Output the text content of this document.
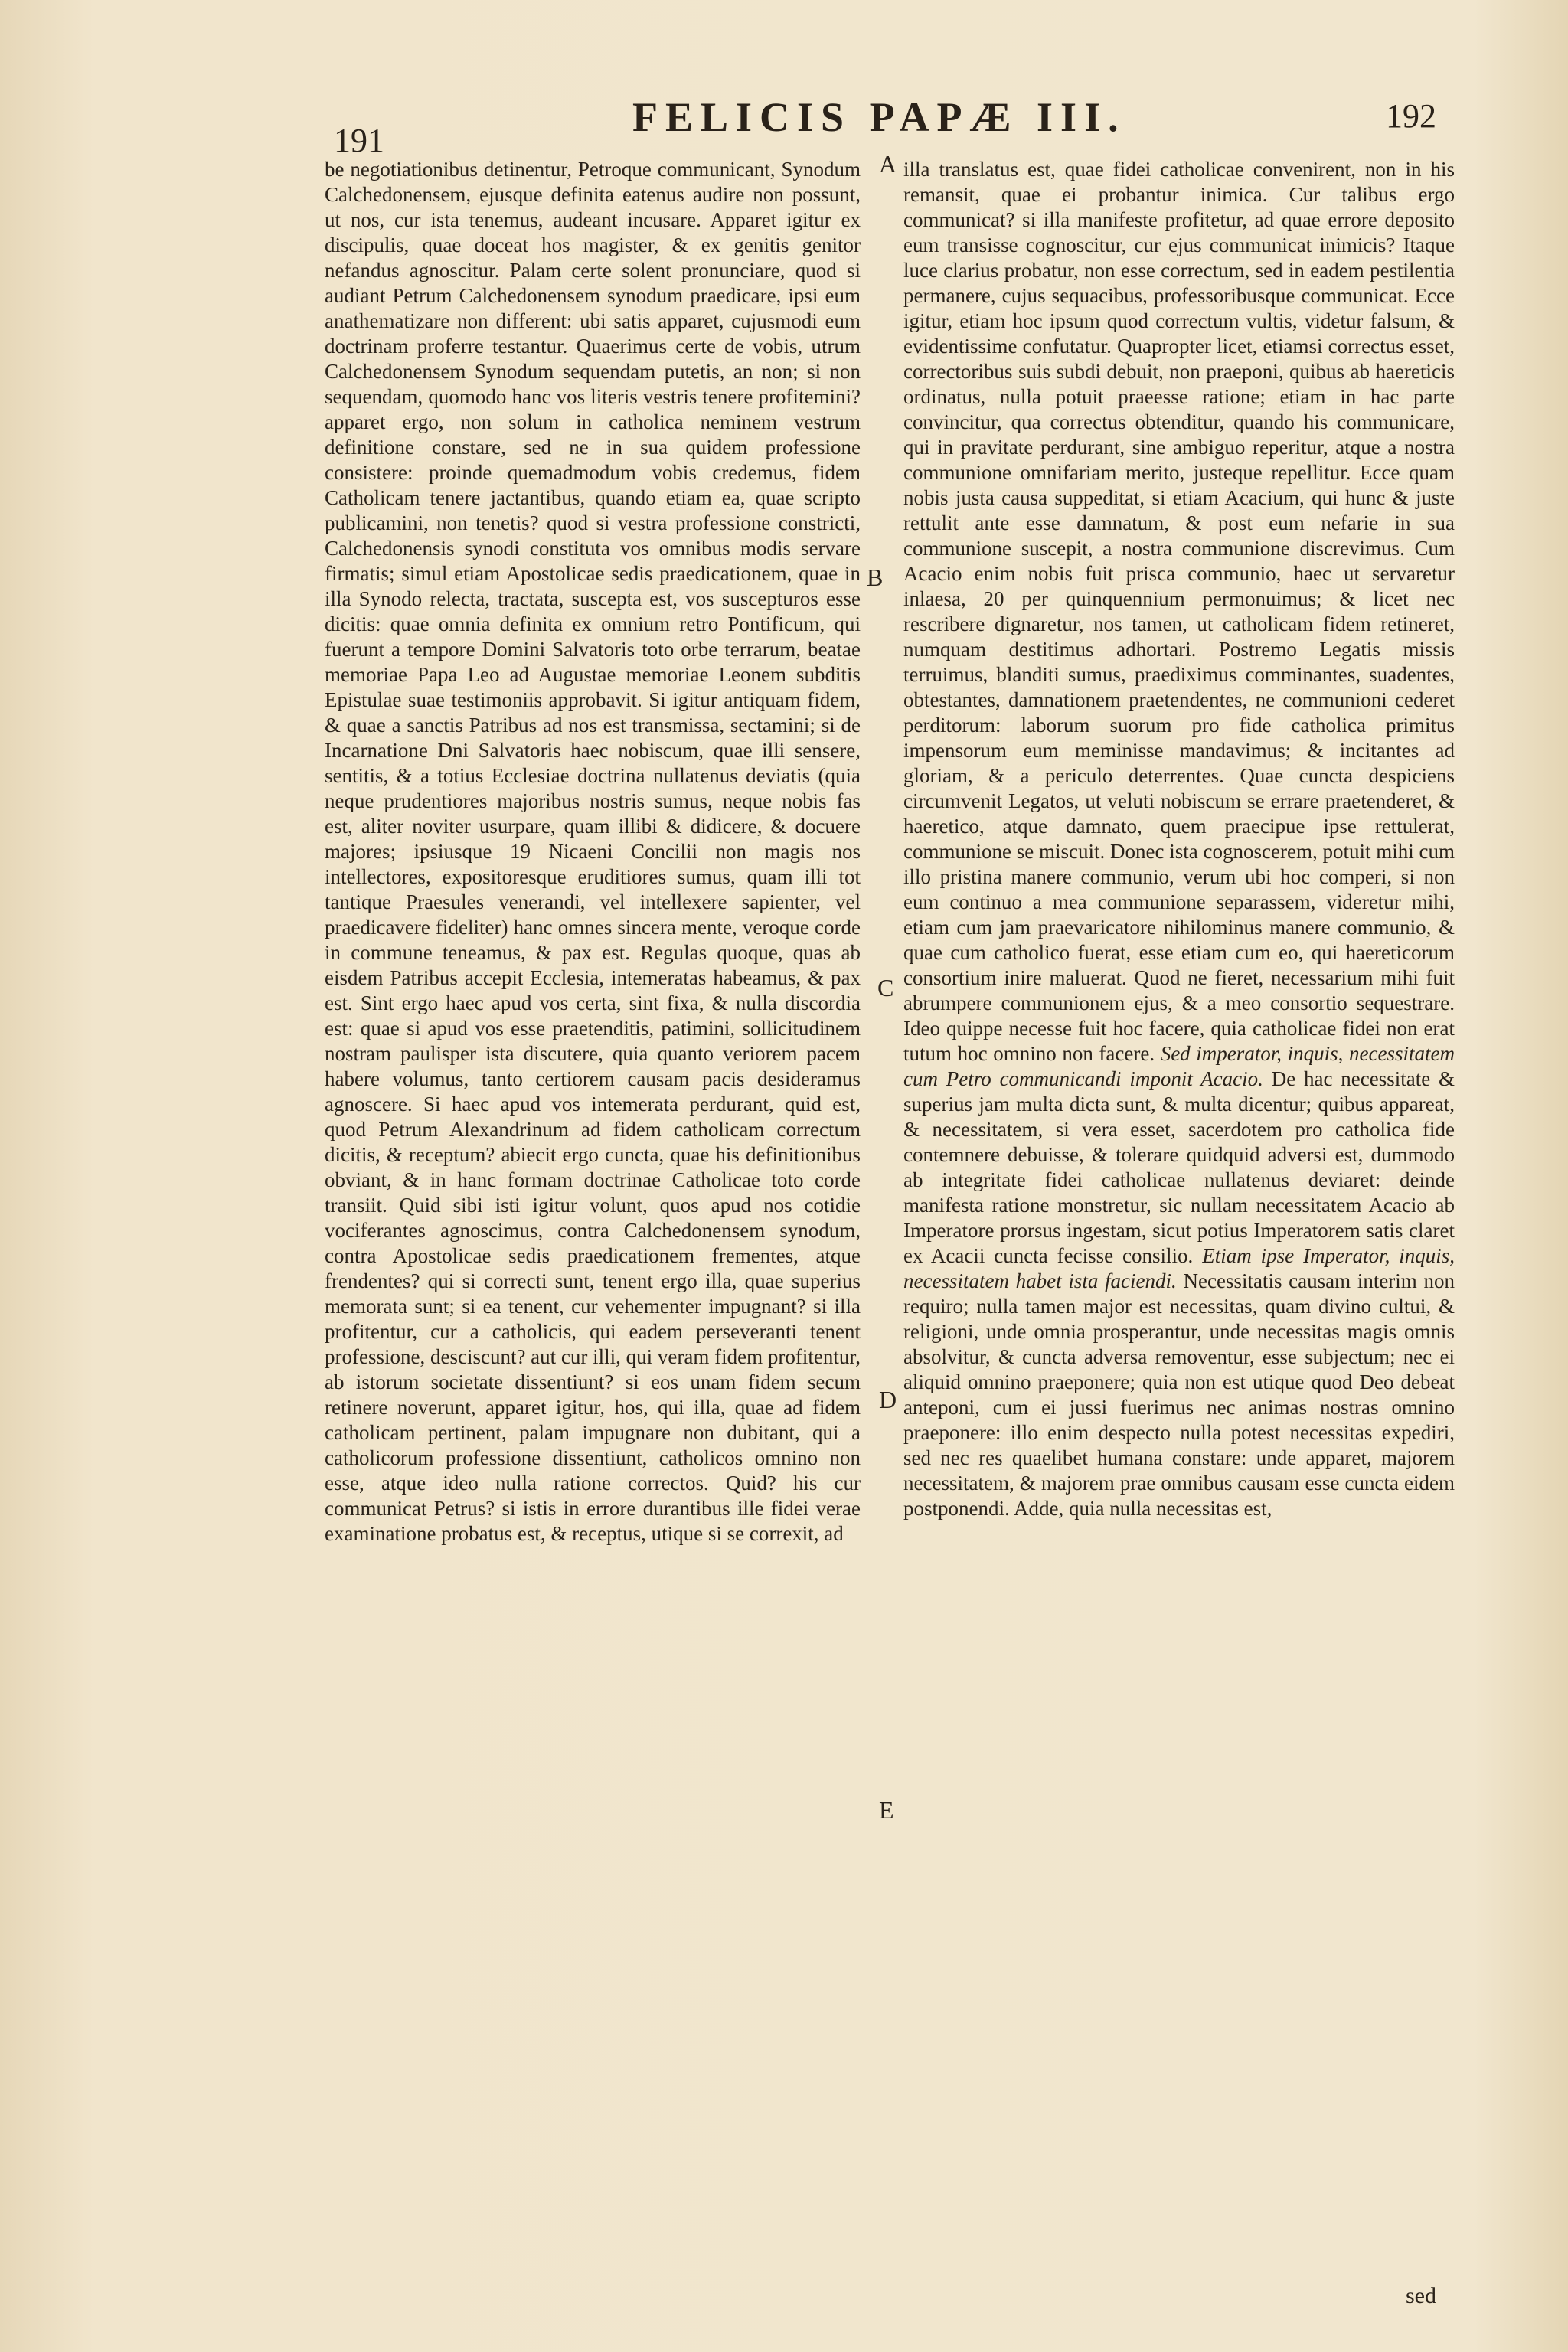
191
FELICIS PAPÆ III.	192

be negotiationibus detinentur, Petroque communicant, Synodum Calchedonensem, ejusque definita eatenus audire non possunt, ut nos, cur ista tenemus, audeant incusare. Apparet igitur ex discipulis, quae doceat hos magister, & ex genitis genitor nefandus agnoscitur. Palam certe solent pronunciare, quod si audiant Petrum Calchedonensem synodum praedicare, ipsi eum anathematizare non different: ubi satis apparet, cujusmodi eum doctrinam proferre testantur. Quaerimus certe de vobis, utrum Calchedonensem Synodum sequendam putetis, an non; si non sequendam, quomodo hanc vos literis vestris tenere profitemini? apparet ergo, non solum in catholica neminem vestrum definitione constare, sed ne in sua quidem professione consistere: proinde quemadmodum vobis credemus, fidem Catholicam tenere jactantibus, quando etiam ea, quae scripto publicamini, non tenetis? quod si vestra professione constricti, Calchedonensis synodi constituta vos omnibus modis servare firmatis; simul etiam Apostolicae sedis praedicationem, quae in illa Synodo relecta, tractata, suscepta est, vos suscepturos esse dicitis: quae omnia definita ex omnium retro Pontificum, qui fuerunt a tempore Domini Salvatoris toto orbe terrarum, beatae memoriae Papa Leo ad Augustae memoriae Leonem subditis Epistulae suae testimoniis approbavit. Si igitur antiquam fidem, & quae a sanctis Patribus ad nos est transmissa, sectamini; si de Incarnatione Dni Salvatoris haec nobiscum, quae illi sensere, sentitis, & a totius Ecclesiae doctrina nullatenus deviatis (quia neque prudentiores majoribus nostris sumus, neque nobis fas est, aliter noviter usurpare, quam illibi & didicere, & docuere majores; ipsiusque 19 Nicaeni Concilii non magis nos intellectores, expositoresque eruditiores sumus, quam illi tot tantique Praesules venerandi, vel intellexere sapienter, vel praedicavere fideliter) hanc omnes sincera mente, veroque corde in commune teneamus, & pax est. Regulas quoque, quas ab eisdem Patribus accepit Ecclesia, intemeratas habeamus, & pax est. Sint ergo haec apud vos certa, sint fixa, & nulla discordia est: quae si apud vos esse praetenditis, patimini, sollicitudinem nostram paulisper ista discutere, quia quanto veriorem pacem habere volumus, tanto certiorem causam pacis desideramus agnoscere. Si haec apud vos intemerata perdurant, quid est, quod Petrum Alexandrinum ad fidem catholicam correctum dicitis, & receptum? abiecit ergo cuncta, quae his definitionibus obviant, & in hanc formam doctrinae Catholicae toto corde transiit. Quid sibi isti igitur volunt, quos apud nos cotidie vociferantes agnoscimus, contra Calchedonensem synodum, contra Apostolicae sedis praedicationem frementes, atque frendentes? qui si correcti sunt, tenent ergo illa, quae superius memorata sunt; si ea tenent, cur vehementer impugnant? si illa profitentur, cur a catholicis, qui eadem perseveranti tenent professione, desciscunt? aut cur illi, qui veram fidem profitentur, ab istorum societate dissentiunt? si eos unam fidem secum retinere noverunt, apparet igitur, hos, qui illa, quae ad fidem catholicam pertinent, palam impugnare non dubitant, qui a catholicorum professione dissentiunt, catholicos omnino non esse, atque ideo nulla ratione correctos. Quid? his cur communicat Petrus? si istis in errore durantibus ille fidei verae examinatione probatus est, & receptus, utique si se correxit, ad

A
B
C
D
E

illa translatus est, quae fidei catholicae convenirent, non in his remansit, quae ei probantur inimica. Cur talibus ergo communicat? si illa manifeste profitetur, ad quae errore deposito eum transisse cognoscitur, cur ejus communicat inimicis? Itaque luce clarius probatur, non esse correctum, sed in eadem pestilentia permanere, cujus sequacibus, professoribusque communicat. Ecce igitur, etiam hoc ipsum quod correctum vultis, videtur falsum, & evidentissime confutatur. Quapropter licet, etiamsi correctus esset, correctoribus suis subdi debuit, non praeponi, quibus ab haereticis ordinatus, nulla potuit praeesse ratione; etiam in hac parte convincitur, qua correctus obtenditur, quando his communicare, qui in pravitate perdurant, sine ambiguo reperitur, atque a nostra communione omnifariam merito, justeque repellitur. Ecce quam nobis justa causa suppeditat, si etiam Acacium, qui hunc & juste rettulit ante esse damnatum, & post eum nefarie in sua communione suscepit, a nostra communione discrevimus. Cum Acacio enim nobis fuit prisca communio, haec ut servaretur inlaesa, 20 per quinquennium permonuimus; & licet nec rescribere dignaretur, nos tamen, ut catholicam fidem retineret, numquam destitimus adhortari. Postremo Legatis missis terruimus, blanditi sumus, praediximus comminantes, suadentes, obtestantes, damnationem praetendentes, ne communioni cederet perditorum: laborum suorum pro fide catholica primitus impensorum eum meminisse mandavimus; & incitantes ad gloriam, & a periculo deterrentes. Quae cuncta despiciens circumvenit Legatos, ut veluti nobiscum se errare praetenderet, & haeretico, atque damnato, quem praecipue ipse rettulerat, communione se miscuit. Donec ista cognoscerem, potuit mihi cum illo pristina manere communio, verum ubi hoc comperi, si non eum continuo a mea communione separassem, videretur mihi, etiam cum jam praevaricatore nihilominus manere communio, & quae cum catholico fuerat, esse etiam cum eo, qui haereticorum consortium inire maluerat. Quod ne fieret, necessarium mihi fuit abrumpere communionem ejus, & a meo consortio sequestrare. Ideo quippe necesse fuit hoc facere, quia catholicae fidei non erat tutum hoc omnino non facere. Sed imperator, inquis, necessitatem cum Petro communicandi imponit Acacio. De hac necessitate & superius jam multa dicta sunt, & multa dicentur; quibus appareat, & necessitatem, si vera esset, sacerdotem pro catholica fide contemnere debuisse, & tolerare quidquid adversi est, dummodo ab integritate fidei catholicae nullatenus deviaret: deinde manifesta ratione monstretur, sic nullam necessitatem Acacio ab Imperatore prorsus ingestam, sicut potius Imperatorem satis claret ex Acacii cuncta fecisse consilio. Etiam ipse Imperator, inquis, necessitatem habet ista faciendi. Necessitatis causam interim non requiro; nulla tamen major est necessitas, quam divino cultui, & religioni, unde omnia prosperantur, unde necessitas magis omnis absolvitur, & cuncta adversa removentur, esse subjectum; nec ei aliquid omnino praeponere; quia non est utique quod Deo debeat anteponi, cum ei jussi fuerimus nec animas nostras omnino praeponere: illo enim despecto nulla potest necessitas expediri, sed nec res quaelibet humana constare: unde apparet, majorem necessitatem, & majorem prae omnibus causam esse cuncta eidem postponendi. Adde, quia nulla necessitas est,

sed
